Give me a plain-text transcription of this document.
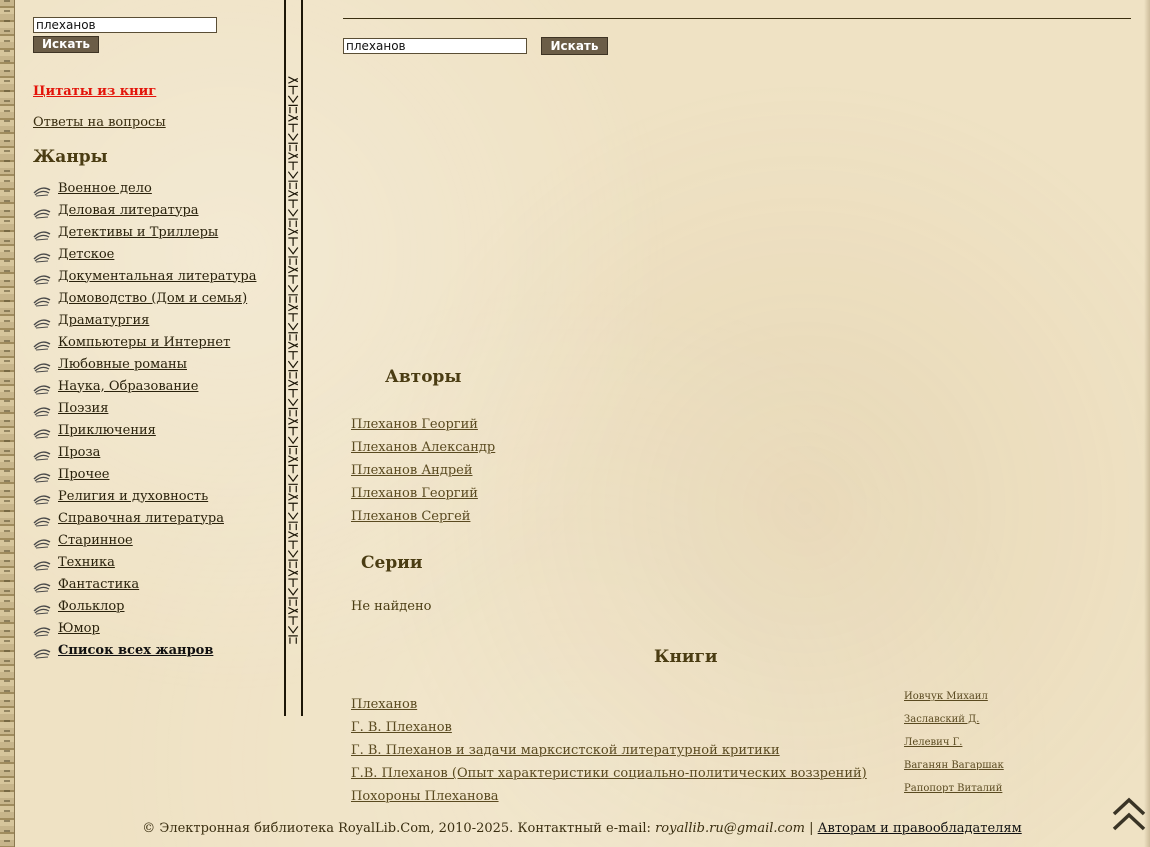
плеханов
Искать
Цитаты из книг
Ответы на вопросы
Жанры
Военное дело
Деловая литература
Детективы и Триллеры
Детское
Документальная литература
Домоводство (Дом и семья)
Драматургия
Компьютеры и Интернет
Любовные романы
Наука, Образование
Поэзия
Приключения
Проза
Прочее
Религия и духовность
Справочная литература
Старинное
Техника
Фантастика
Фольклор
Юмор
Список всех жанров
плеханов
Искать
Авторы
Плеханов Георгий
Плеханов Александр
Плеханов Андрей
Плеханов Георгий
Плеханов Сергей
Серии
Не найдено
Книги
Плеханов
Иовчук Михаил
Г. В. Плеханов
Заславский Д.
Г. В. Плеханов и задачи марксистской литературной критики
Лелевич Г.
Г.В. Плеханов (Опыт характеристики социально-политических воззрений)
Ваганян Вагаршак
Похороны Плеханова
Рапопорт Виталий
© Электронная библиотека RoyalLib.Com, 2010-2025. Контактный e-mail: royallib.ru@gmail.com | Авторам и правообладателям
